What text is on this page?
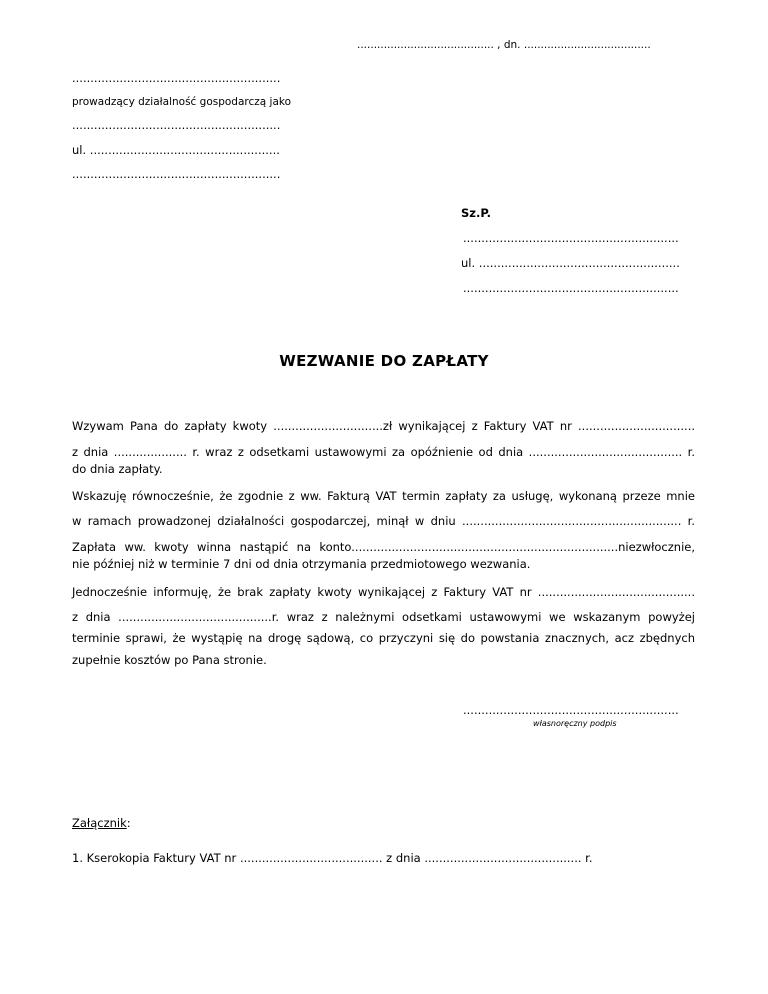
......................................... , dn. ......................................
.........................................................
prowadzący działalność gospodarczą jako
.........................................................
ul. ....................................................
.........................................................
Sz.P.
...........................................................
ul. .......................................................
...........................................................
WEZWANIE DO ZAPŁATY
Wzywam Pana do zapłaty kwoty ..............................zł wynikającej z Faktury VAT nr ................................
z dnia .................... r. wraz z odsetkami ustawowymi za opóźnienie od dnia .......................................... r.
do dnia zapłaty.
Wskazuję równocześnie, że zgodnie z ww. Fakturą VAT termin zapłaty za usługę, wykonaną przeze mnie
w ramach prowadzonej działalności gospodarczej, minął w dniu ............................................................ r.
Zapłata ww. kwoty winna nastąpić na konto.........................................................................niezwłocznie,
nie później niż w terminie 7 dni od dnia otrzymania przedmiotowego wezwania.
Jednocześnie informuję, że brak zapłaty kwoty wynikającej z Faktury VAT nr ...........................................
z dnia ..........................................r. wraz z należnymi odsetkami ustawowymi we wskazanym powyżej
terminie sprawi, że wystąpię na drogę sądową, co przyczyni się do powstania znacznych, acz zbędnych
zupełnie kosztów po Pana stronie.
...........................................................
własnoręczny podpis
Załącznik:
1. Kserokopia Faktury VAT nr ....................................... z dnia ........................................... r.
